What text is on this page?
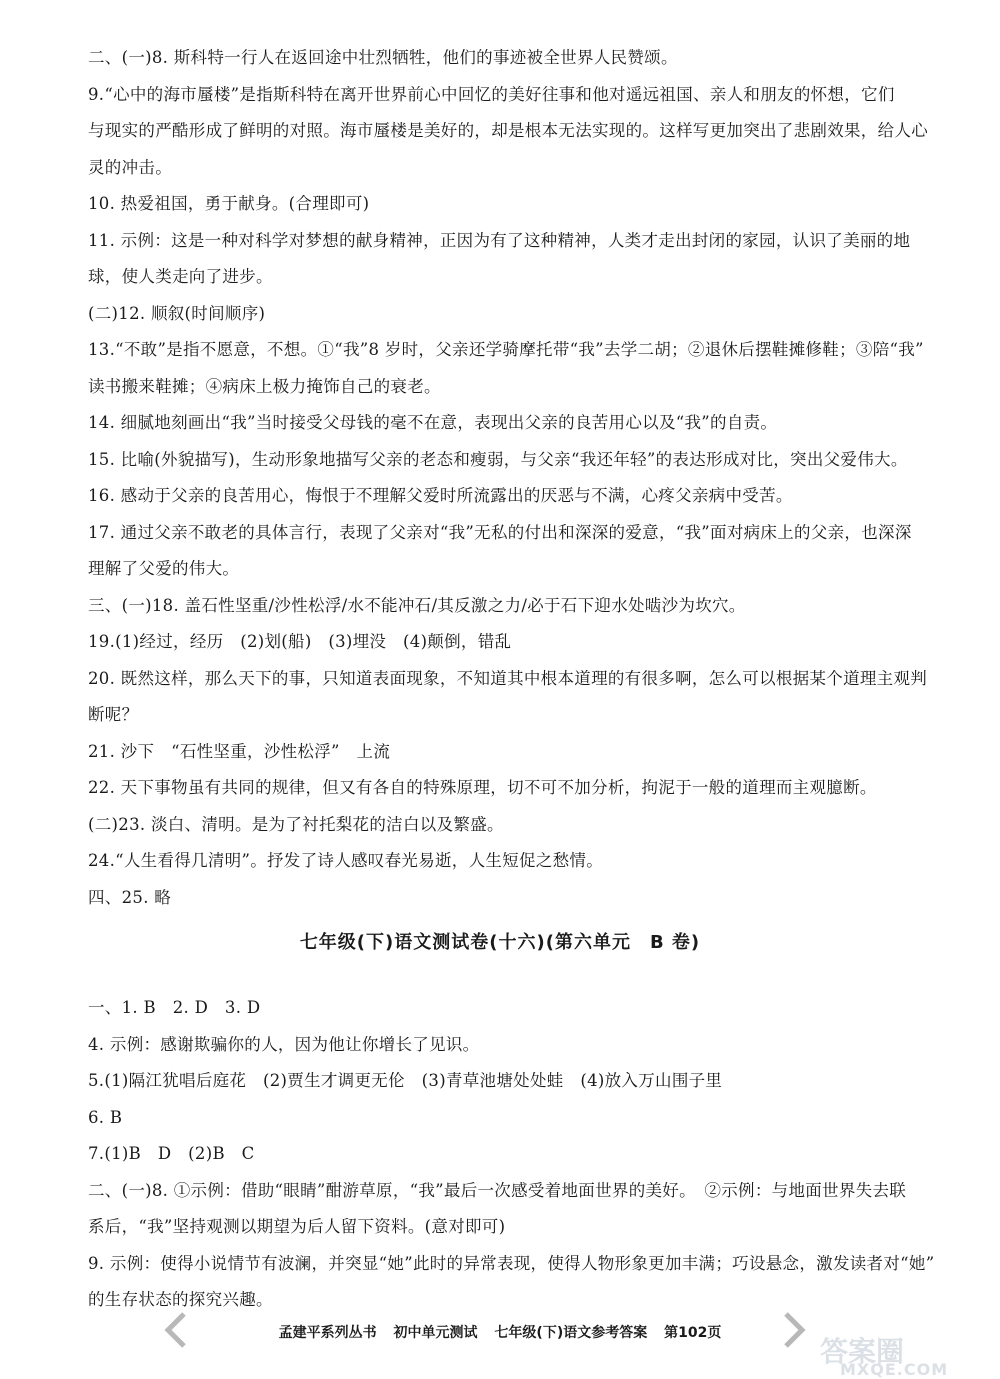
二、(一)8. 斯科特一行人在返回途中壮烈牺牲，他们的事迹被全世界人民赞颂。

9.“心中的海市蜃楼”是指斯科特在离开世界前心中回忆的美好往事和他对遥远祖国、亲人和朋友的怀想，它们

与现实的严酷形成了鲜明的对照。海市蜃楼是美好的，却是根本无法实现的。这样写更加突出了悲剧效果，给人心

灵的冲击。

10. 热爱祖国，勇于献身。(合理即可)

11. 示例：这是一种对科学对梦想的献身精神，正因为有了这种精神，人类才走出封闭的家园，认识了美丽的地

球，使人类走向了进步。

(二)12. 顺叙(时间顺序)

13.“不敢”是指不愿意，不想。①“我”8 岁时，父亲还学骑摩托带“我”去学二胡；②退休后摆鞋摊修鞋；③陪“我”

读书搬来鞋摊；④病床上极力掩饰自己的衰老。

14. 细腻地刻画出“我”当时接受父母钱的毫不在意，表现出父亲的良苦用心以及“我”的自责。

15. 比喻(外貌描写)，生动形象地描写父亲的老态和瘦弱，与父亲“我还年轻”的表达形成对比，突出父爱伟大。

16. 感动于父亲的良苦用心，悔恨于不理解父爱时所流露出的厌恶与不满，心疼父亲病中受苦。

17. 通过父亲不敢老的具体言行，表现了父亲对“我”无私的付出和深深的爱意，“我”面对病床上的父亲，也深深

理解了父爱的伟大。

三、(一)18. 盖石性坚重/沙性松浮/水不能冲石/其反激之力/必于石下迎水处啮沙为坎穴。

19.(1)经过，经历　(2)划(船)　(3)埋没　(4)颠倒，错乱

20. 既然这样，那么天下的事，只知道表面现象，不知道其中根本道理的有很多啊，怎么可以根据某个道理主观判

断呢？

21. 沙下　“石性坚重，沙性松浮”　上流

22. 天下事物虽有共同的规律，但又有各自的特殊原理，切不可不加分析，拘泥于一般的道理而主观臆断。

(二)23. 淡白、清明。是为了衬托梨花的洁白以及繁盛。

24.“人生看得几清明”。抒发了诗人感叹春光易逝，人生短促之愁情。

四、25. 略

七年级(下)语文测试卷(十六)(第六单元　B 卷)

一、1. B　2. D　3. D

4. 示例：感谢欺骗你的人，因为他让你增长了见识。

5.(1)隔江犹唱后庭花　(2)贾生才调更无伦　(3)青草池塘处处蛙　(4)放入万山围子里

6. B

7.(1)B　D　(2)B　C

二、(一)8. ①示例：借助“眼睛”酣游草原，“我”最后一次感受着地面世界的美好。　②示例：与地面世界失去联

系后，“我”坚持观测以期望为后人留下资料。(意对即可)

9. 示例：使得小说情节有波澜，并突显“她”此时的异常表现，使得人物形象更加丰满；巧设悬念，激发读者对“她”

的生存状态的探究兴趣。

孟建平系列丛书 初中单元测试 七年级(下)语文参考答案 第102页
答案圈
MXQE.COM
